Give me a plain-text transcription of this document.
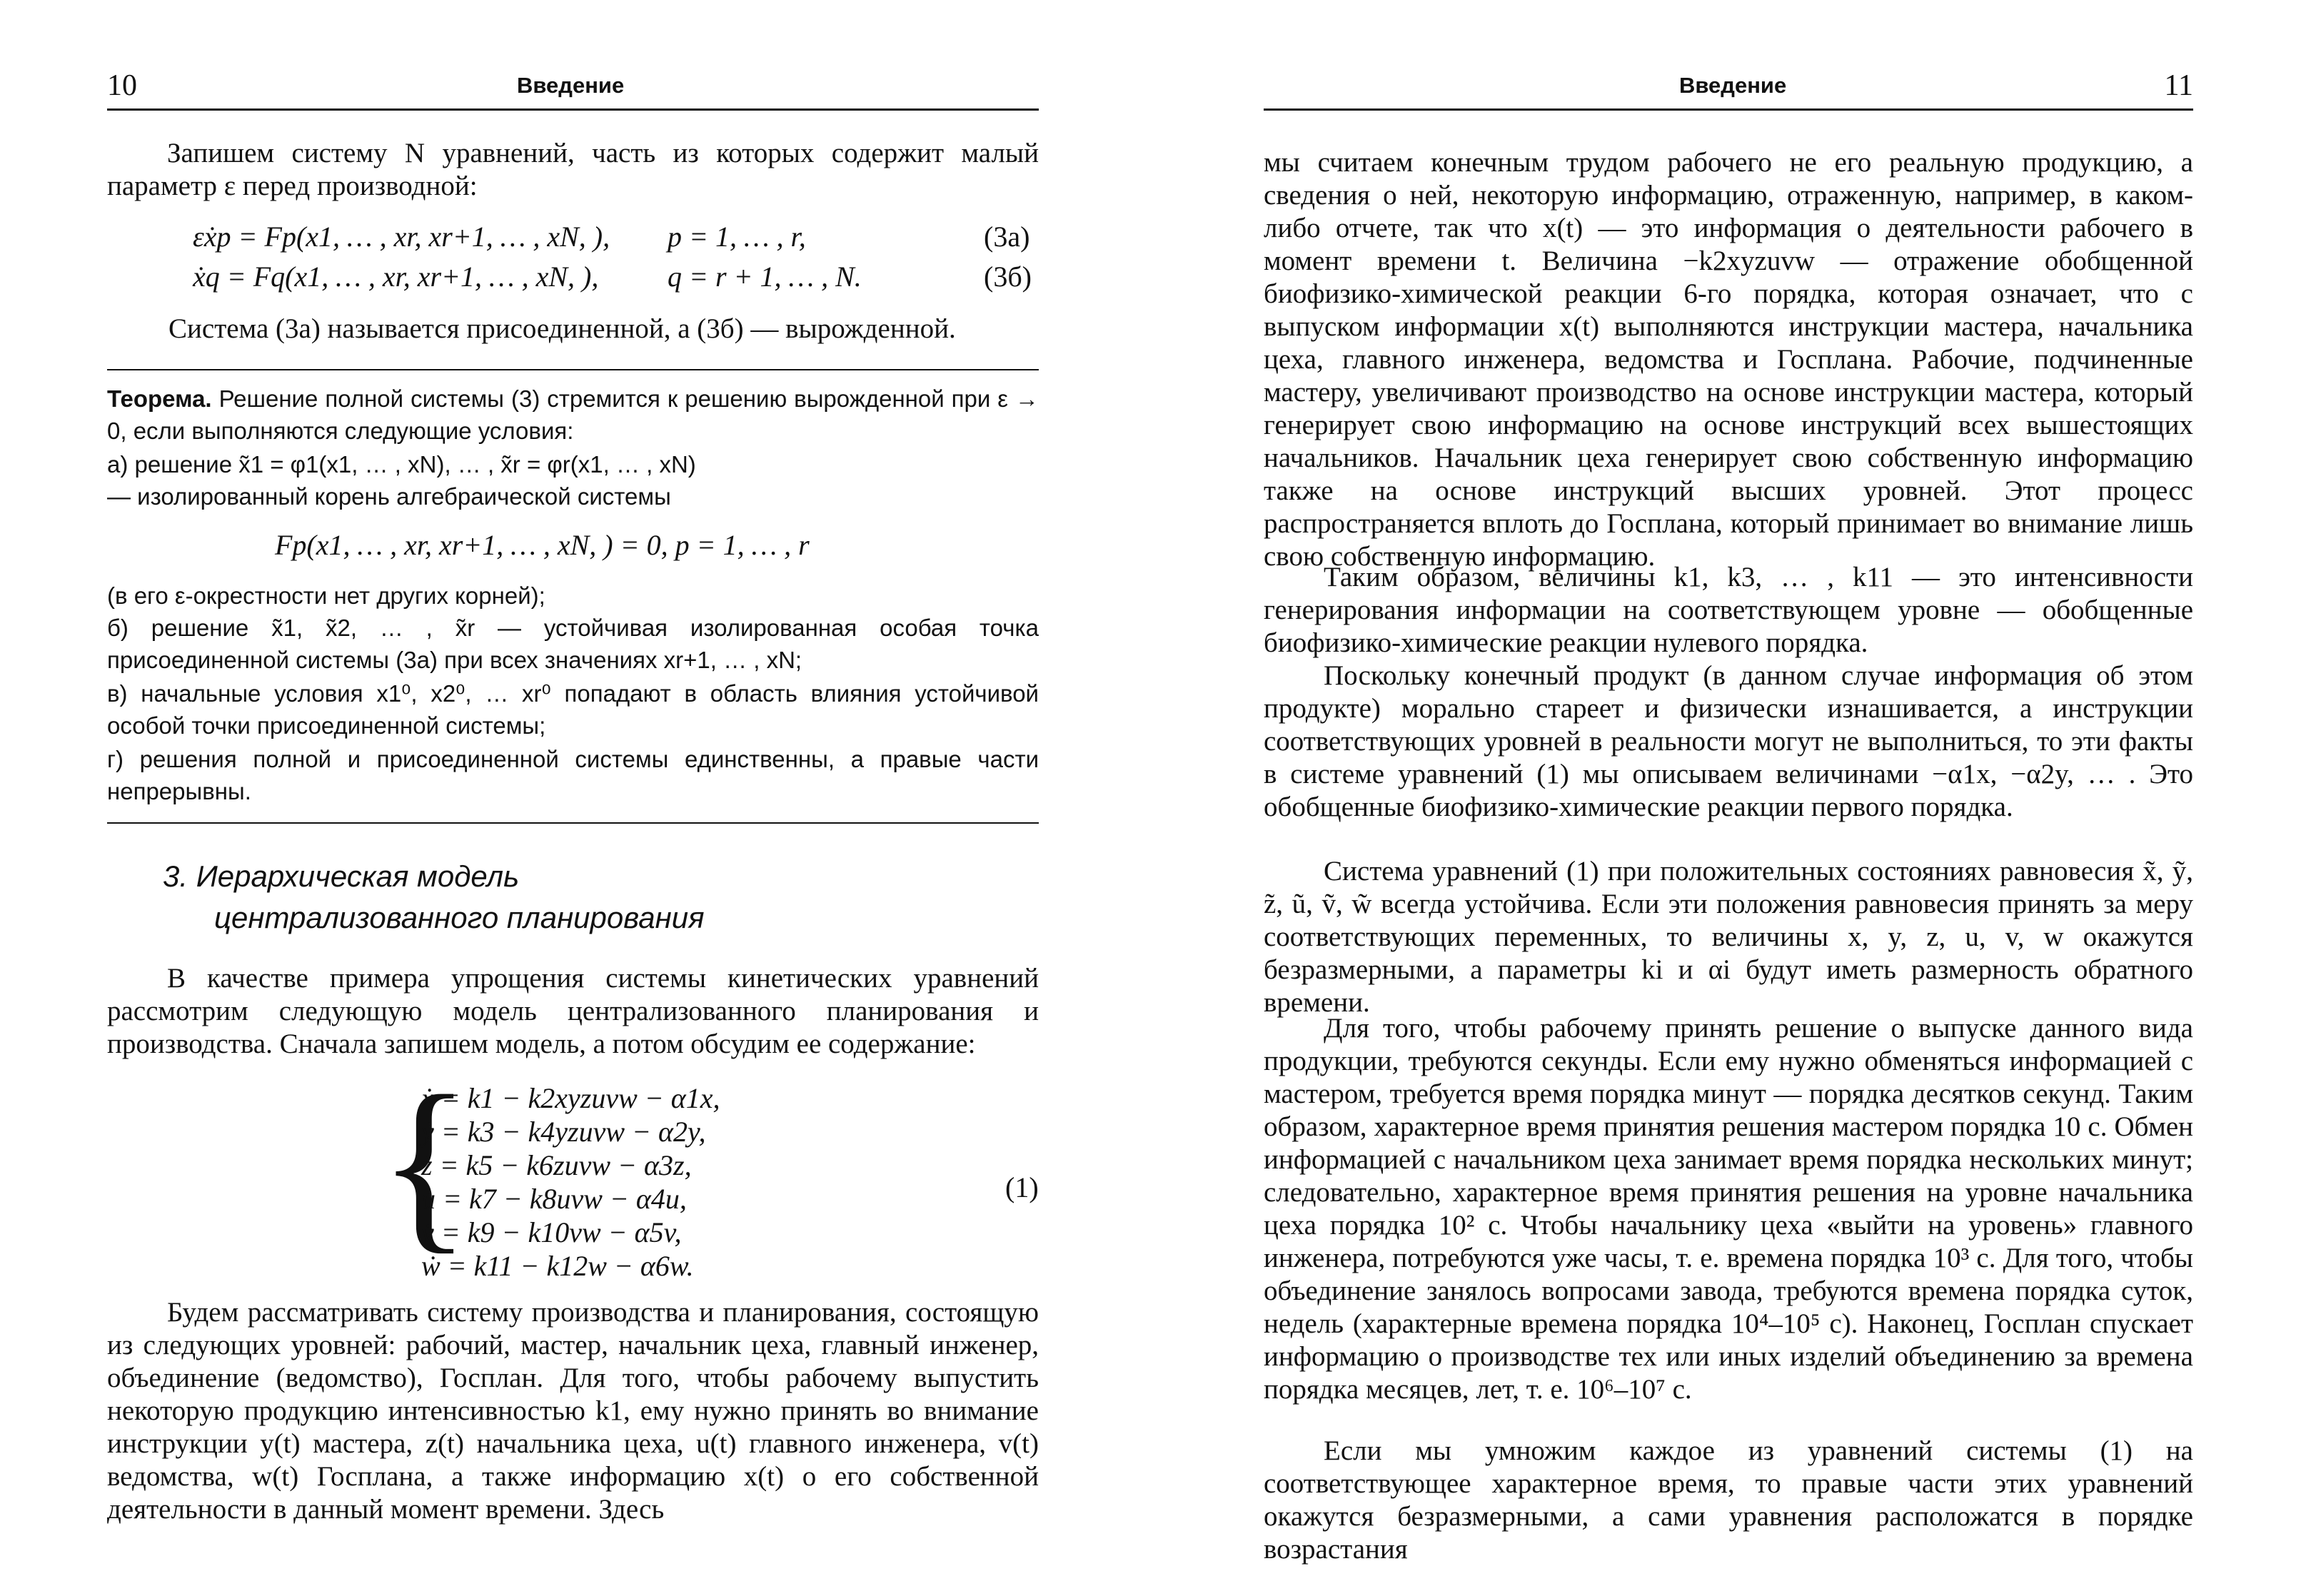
10	Введение
Запишем систему N уравнений, часть из которых содержит малый параметр ε перед производной:
εẋp = Fp(x1, … , xr, xr+1, … , xN, ), p = 1, … , r,	(3а)
ẋq = Fq(x1, … , xr, xr+1, … , xN, ), q = r + 1, … , N.	(3б)
Система (3а) называется присоединенной, а (3б) — вырожденной.
Теорема. Решение полной системы (3) стремится к решению вырожденной при ε → 0, если выполняются следующие условия:
а) решение x̃1 = φ1(x1, … , xN), … , x̃r = φr(x1, … , xN)
— изолированный корень алгебраической системы
Fp(x1, … , xr, xr+1, … , xN, ) = 0, p = 1, … , r
(в его ε-окрестности нет других корней);
б) решение x̃1, x̃2, … , x̃r — устойчивая изолированная особая точка присоединенной системы (3а) при всех значениях xr+1, … , xN;
в) начальные условия x1⁰, x2⁰, … xr⁰ попадают в область влияния устойчивой особой точки присоединенной системы;
г) решения полной и присоединенной системы единственны, а правые части непрерывны.
3. Иерархическая модель
централизованного планирования
В качестве примера упрощения системы кинетических уравнений рассмотрим следующую модель централизованного планирования и производства. Сначала запишем модель, а потом обсудим ее содержание:
{
ẋ = k1 − k2xyzuvw − α1x,
ẏ = k3 − k4yzuvw − α2y,
ż = k5 − k6zuvw − α3z,
u̇ = k7 − k8uvw − α4u,
v̇ = k9 − k10vw − α5v,
ẇ = k11 − k12w − α6w.
(1)
Будем рассматривать систему производства и планирования, состоящую из следующих уровней: рабочий, мастер, начальник цеха, главный инженер, объединение (ведомство), Госплан. Для того, чтобы рабочему выпустить некоторую продукцию интенсивностью k1, ему нужно принять во внимание инструкции y(t) мастера, z(t) начальника цеха, u(t) главного инженера, v(t) ведомства, w(t) Госплана, а также информацию x(t) о его собственной деятельности в данный момент времени. Здесь
Введение	11
мы считаем конечным трудом рабочего не его реальную продукцию, а сведения о ней, некоторую информацию, отраженную, например, в каком-либо отчете, так что x(t) — это информация о деятельности рабочего в момент времени t. Величина −k2xyzuvw — отражение обобщенной биофизико-химической реакции 6-го порядка, которая означает, что с выпуском информации x(t) выполняются инструкции мастера, начальника цеха, главного инженера, ведомства и Госплана. Рабочие, подчиненные мастеру, увеличивают производство на основе инструкции мастера, который генерирует свою информацию на основе инструкций всех вышестоящих начальников. Начальник цеха генерирует свою собственную информацию также на основе инструкций высших уровней. Этот процесс распространяется вплоть до Госплана, который принимает во внимание лишь свою собственную информацию.
Таким образом, величины k1, k3, … , k11 — это интенсивности генерирования информации на соответствующем уровне — обобщенные биофизико-химические реакции нулевого порядка.
Поскольку конечный продукт (в данном случае информация об этом продукте) морально стареет и физически изнашивается, а инструкции соответствующих уровней в реальности могут не выполниться, то эти факты в системе уравнений (1) мы описываем величинами −α1x, −α2y, … . Это обобщенные биофизико-химические реакции первого порядка.
Система уравнений (1) при положительных состояниях равновесия x̃, ỹ, z̃, ũ, ṽ, w̃ всегда устойчива. Если эти положения равновесия принять за меру соответствующих переменных, то величины x, y, z, u, v, w окажутся безразмерными, а параметры ki и αi будут иметь размерность обратного времени.
Для того, чтобы рабочему принять решение о выпуске данного вида продукции, требуются секунды. Если ему нужно обменяться информацией с мастером, требуется время порядка минут — порядка десятков секунд. Таким образом, характерное время принятия решения мастером порядка 10 с. Обмен информацией с начальником цеха занимает время порядка нескольких минут; следовательно, характерное время принятия решения на уровне начальника цеха порядка 10² с. Чтобы начальнику цеха «выйти на уровень» главного инженера, потребуются уже часы, т. е. времена порядка 10³ с. Для того, чтобы объединение занялось вопросами завода, требуются времена порядка суток, недель (характерные времена порядка 10⁴–10⁵ с). Наконец, Госплан спускает информацию о производстве тех или иных изделий объединению за времена порядка месяцев, лет, т. е. 10⁶–10⁷ с.
Если мы умножим каждое из уравнений системы (1) на соответствующее характерное время, то правые части этих уравнений окажутся безразмерными, а сами уравнения расположатся в порядке возрастания
